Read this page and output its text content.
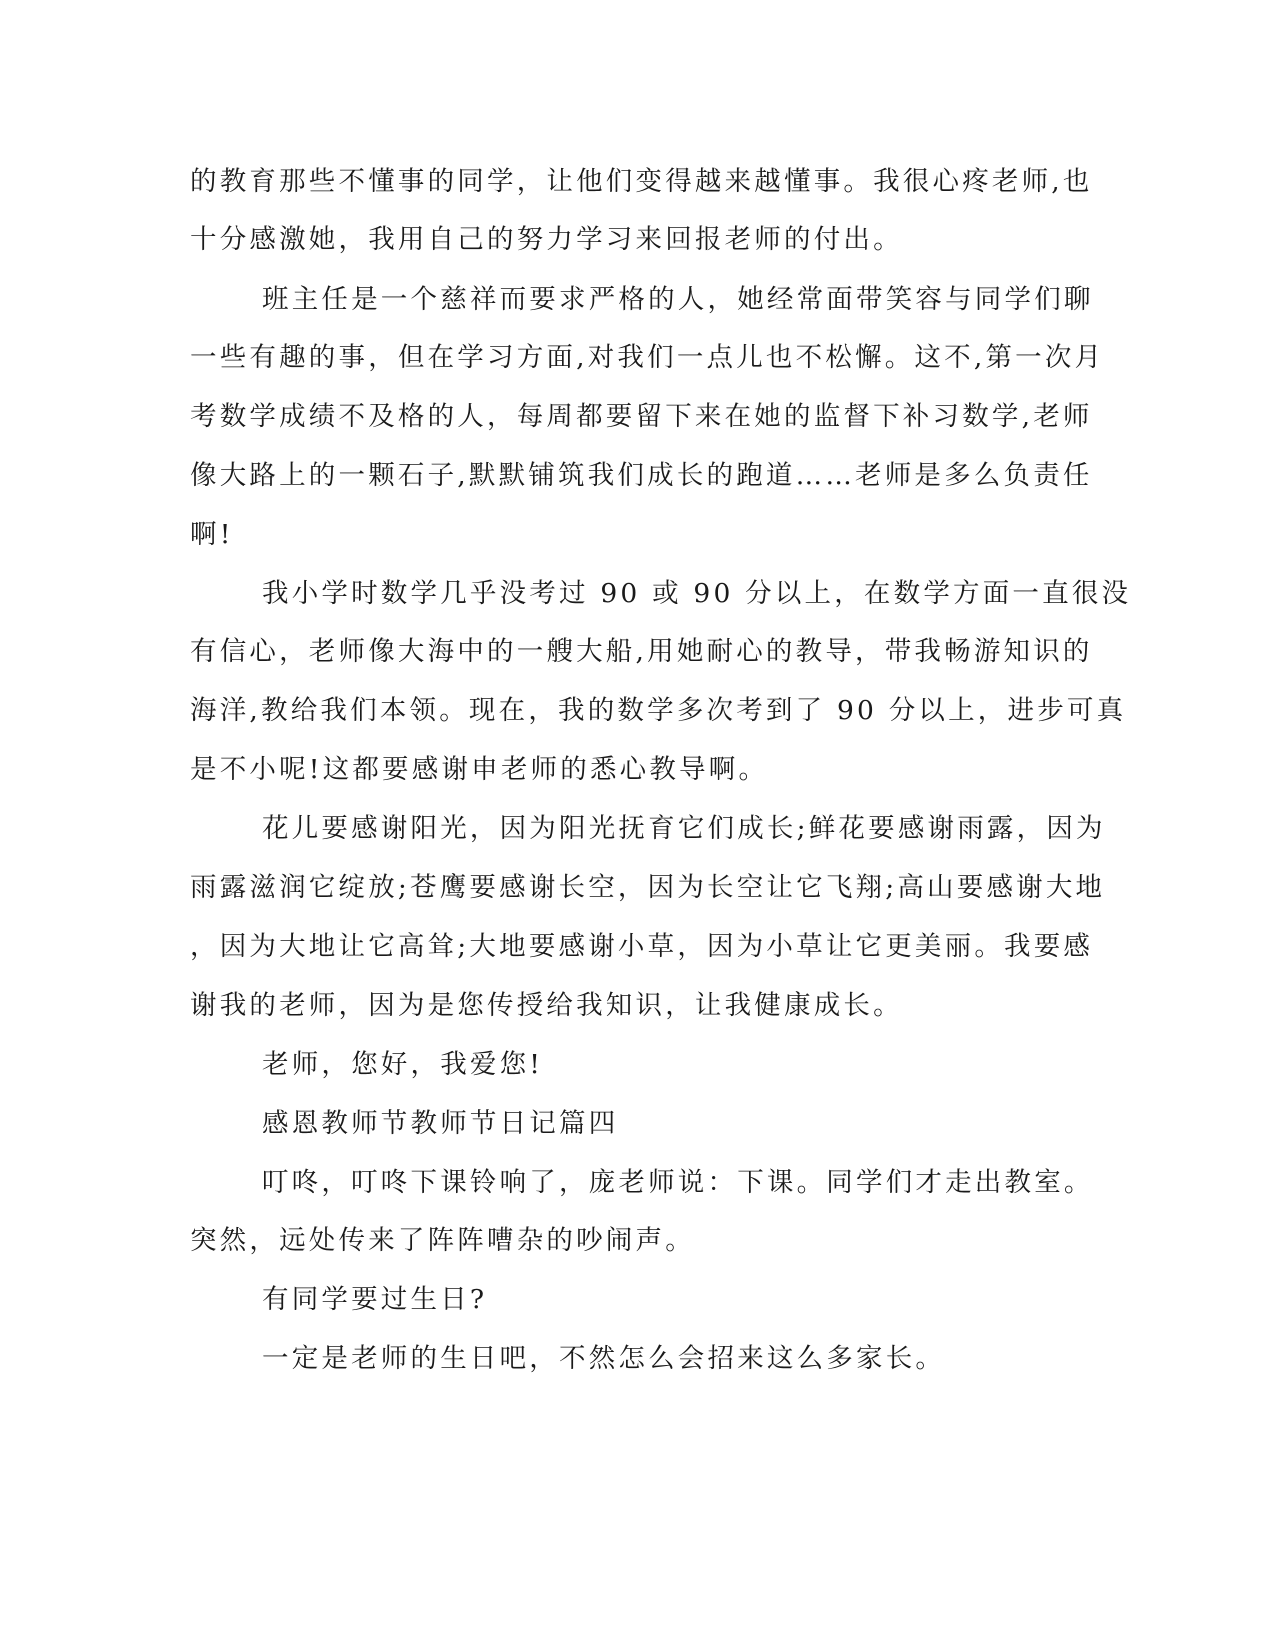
的教育那些不懂事的同学，让他们变得越来越懂事。我很心疼老师,也

十分感激她，我用自己的努力学习来回报老师的付出。

班主任是一个慈祥而要求严格的人，她经常面带笑容与同学们聊

一些有趣的事，但在学习方面,对我们一点儿也不松懈。这不,第一次月

考数学成绩不及格的人，每周都要留下来在她的监督下补习数学,老师

像大路上的一颗石子,默默铺筑我们成长的跑道……老师是多么负责任

啊!

我小学时数学几乎没考过 90 或 90 分以上，在数学方面一直很没

有信心，老师像大海中的一艘大船,用她耐心的教导，带我畅游知识的

海洋,教给我们本领。现在，我的数学多次考到了 90 分以上，进步可真

是不小呢!这都要感谢申老师的悉心教导啊。

花儿要感谢阳光，因为阳光抚育它们成长;鲜花要感谢雨露，因为

雨露滋润它绽放;苍鹰要感谢长空，因为长空让它飞翔;高山要感谢大地

，因为大地让它高耸;大地要感谢小草，因为小草让它更美丽。我要感

谢我的老师，因为是您传授给我知识，让我健康成长。

老师，您好，我爱您!

感恩教师节教师节日记篇四

叮咚，叮咚下课铃响了，庞老师说：下课。同学们才走出教室。

突然，远处传来了阵阵嘈杂的吵闹声。

有同学要过生日?

一定是老师的生日吧，不然怎么会招来这么多家长。
